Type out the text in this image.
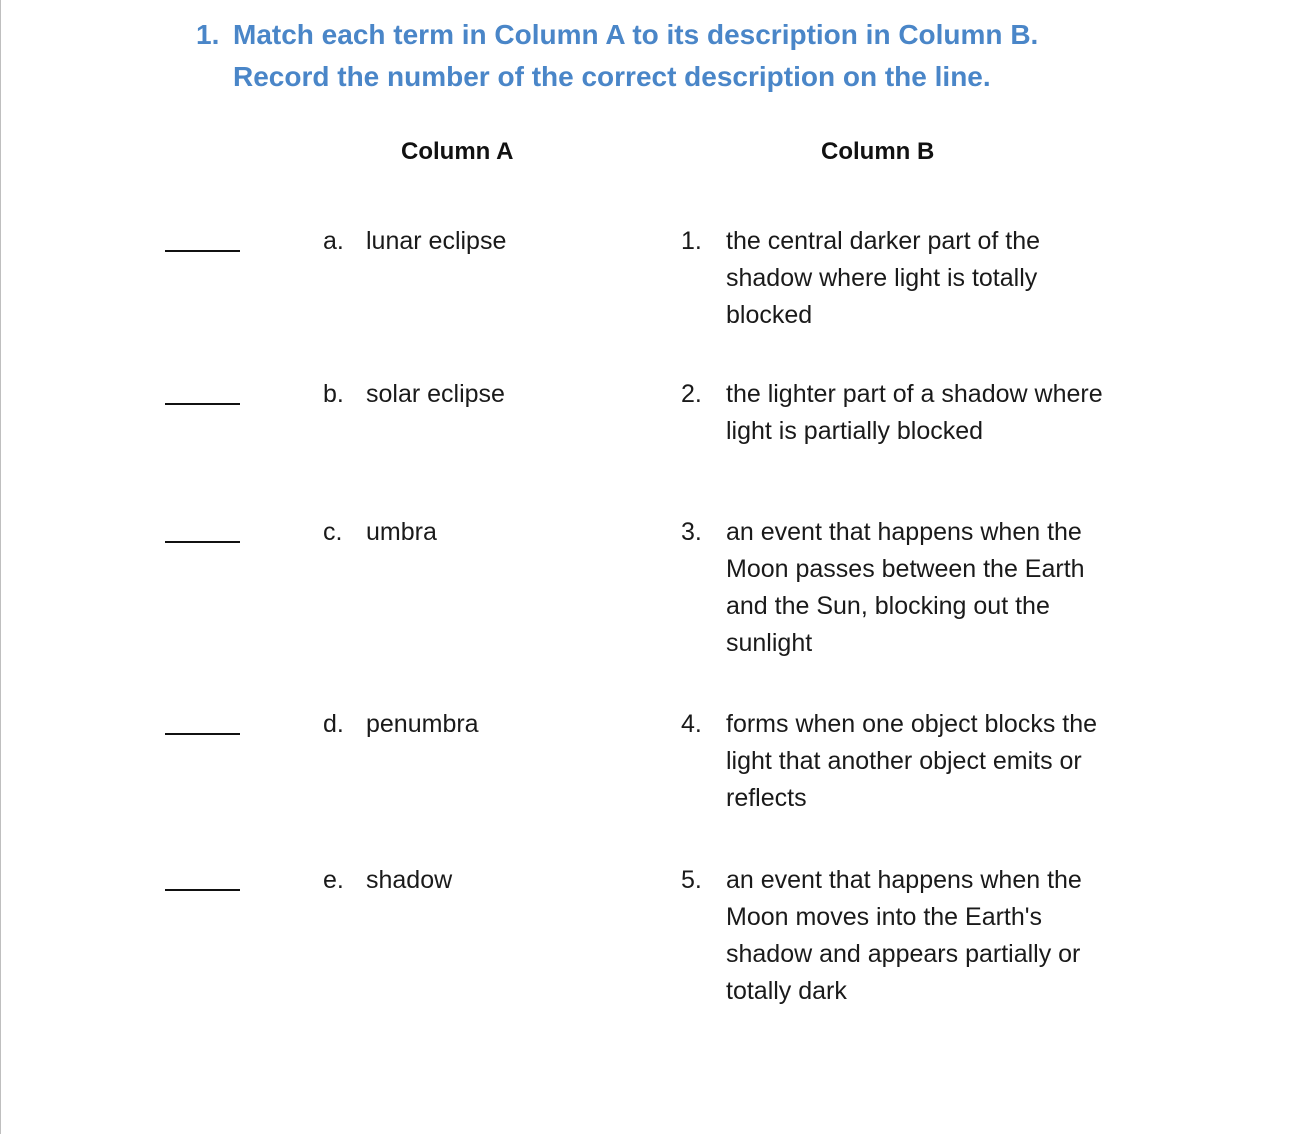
1. Match each term in Column A to its description in Column B.
Record the number of the correct description on the line.
Column A	Column B
a. lunar eclipse	1. the central darker part of the shadow where light is totally blocked
b. solar eclipse	2. the lighter part of a shadow where light is partially blocked
c. umbra	3. an event that happens when the Moon passes between the Earth and the Sun, blocking out the sunlight
d. penumbra	4. forms when one object blocks the light that another object emits or reflects
e. shadow	5. an event that happens when the Moon moves into the Earth's shadow and appears partially or totally dark
